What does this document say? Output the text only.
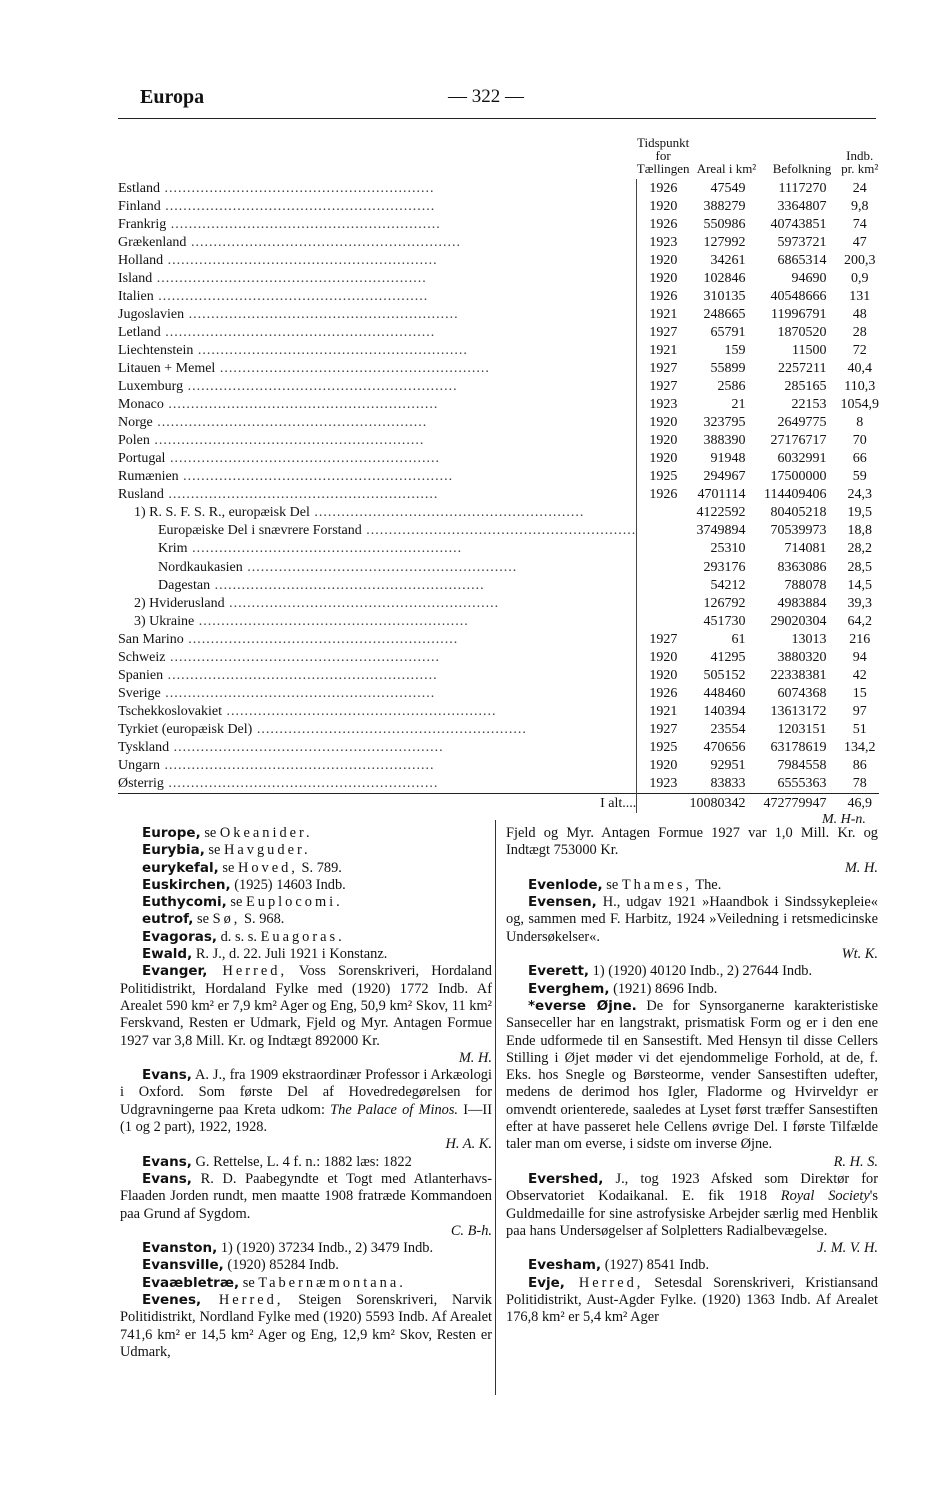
Europa	— 322 —
	Tidspunkt for Tællingen	Areal i km²	Befolkning	Indb. pr. km²
Estland ............................................................	1926	47549	1117270	24
Finland ............................................................	1920	388279	3364807	9,8
Frankrig ............................................................	1926	550986	40743851	74
Grækenland ............................................................	1923	127992	5973721	47
Holland ............................................................	1920	34261	6865314	200,3
Island ............................................................	1920	102846	94690	0,9
Italien ............................................................	1926	310135	40548666	131
Jugoslavien ............................................................	1921	248665	11996791	48
Letland ............................................................	1927	65791	1870520	28
Liechtenstein ............................................................	1921	159	11500	72
Litauen + Memel ............................................................	1927	55899	2257211	40,4
Luxemburg ............................................................	1927	2586	285165	110,3
Monaco ............................................................	1923	21	22153	1054,9
Norge ............................................................	1920	323795	2649775	8
Polen ............................................................	1920	388390	27176717	70
Portugal ............................................................	1920	91948	6032991	66
Rumænien ............................................................	1925	294967	17500000	59
Rusland ............................................................	1926	4701114	114409406	24,3
1) R. S. F. S. R., europæisk Del ............................................................		4122592	80405218	19,5
Europæiske Del i snævrere Forstand ............................................................		3749894	70539973	18,8
Krim ............................................................		25310	714081	28,2
Nordkaukasien ............................................................		293176	8363086	28,5
Dagestan ............................................................		54212	788078	14,5
2) Hviderusland ............................................................		126792	4983884	39,3
3) Ukraine ............................................................		451730	29020304	64,2
San Marino ............................................................	1927	61	13013	216
Schweiz ............................................................	1920	41295	3880320	94
Spanien ............................................................	1920	505152	22338381	42
Sverige ............................................................	1926	448460	6074368	15
Tschekkoslovakiet ............................................................	1921	140394	13613172	97
Tyrkiet (europæisk Del) ............................................................	1927	23554	1203151	51
Tyskland ............................................................	1925	470656	63178619	134,2
Ungarn ............................................................	1920	92951	7984558	86
Østerrig ............................................................	1923	83833	6555363	78
I alt....		10080342	472779947	46,9
M. H-n.

Europe, se Okeanider.

Eurybia, se Havguder.

eurykefal, se Hoved, S. 789.

Euskirchen, (1925) 14603 Indb.

Euthycomi, se Euplocomi.

eutrof, se Sø, S. 968.

Evagoras, d. s. s. Euagoras.

Ewald, R. J., d. 22. Juli 1921 i Konstanz.

Evanger, Herred, Voss Sorenskriveri, Hordaland Politidistrikt, Hordaland Fylke med (1920) 1772 Indb. Af Arealet 590 km² er 7,9 km² Ager og Eng, 50,9 km² Skov, 11 km² Ferskvand, Resten er Udmark, Fjeld og Myr. Antagen Formue 1927 var 3,8 Mill. Kr. og Indtægt 892000 Kr.

M. H.

Evans, A. J., fra 1909 ekstraordinær Professor i Arkæologi i Oxford. Som første Del af Hovedredegørelsen for Udgravningerne paa Kreta udkom: The Palace of Minos. I—II (1 og 2 part), 1922, 1928.

H. A. K.

Evans, G. Rettelse, L. 4 f. n.: 1882 læs: 1822

Evans, R. D. Paabegyndte et Togt med Atlanterhavs-Flaaden Jorden rundt, men maatte 1908 fratræde Kommandoen paa Grund af Sygdom.

C. B-h.

Evanston, 1) (1920) 37234 Indb., 2) 3479 Indb.

Evansville, (1920) 85284 Indb.

Evaæbletræ, se Tabernæmontana.

Evenes, Herred, Steigen Sorenskriveri, Narvik Politidistrikt, Nordland Fylke med (1920) 5593 Indb. Af Arealet 741,6 km² er 14,5 km² Ager og Eng, 12,9 km² Skov, Resten er Udmark,

Fjeld og Myr. Antagen Formue 1927 var 1,0 Mill. Kr. og Indtægt 753000 Kr.

M. H.

Evenlode, se Thames, The.

Evensen, H., udgav 1921 »Haandbok i Sindssykepleie« og, sammen med F. Harbitz, 1924 »Veiledning i retsmedicinske Undersøkelser«.

Wt. K.

Everett, 1) (1920) 40120 Indb., 2) 27644 Indb.

Everghem, (1921) 8696 Indb.

*everse Øjne. De for Synsorganerne karakteristiske Sanseceller har en langstrakt, prismatisk Form og er i den ene Ende udformede til en Sansestift. Med Hensyn til disse Cellers Stilling i Øjet møder vi det ejendommelige Forhold, at de, f. Eks. hos Snegle og Børsteorme, vender Sansestiften udefter, medens de derimod hos Igler, Fladorme og Hvirveldyr er omvendt orienterede, saaledes at Lyset først træffer Sansestiften efter at have passeret hele Cellens øvrige Del. I første Tilfælde taler man om everse, i sidste om inverse Øjne.

R. H. S.

Evershed, J., tog 1923 Afsked som Direktør for Observatoriet Kodaikanal. E. fik 1918 Royal Society's Guldmedaille for sine astrofysiske Arbejder særlig med Henblik paa hans Undersøgelser af Solpletters Radialbevægelse.

J. M. V. H.

Evesham, (1927) 8541 Indb.

Evje, Herred, Setesdal Sorenskriveri, Kristiansand Politidistrikt, Aust-Agder Fylke. (1920) 1363 Indb. Af Arealet 176,8 km² er 5,4 km² Ager
